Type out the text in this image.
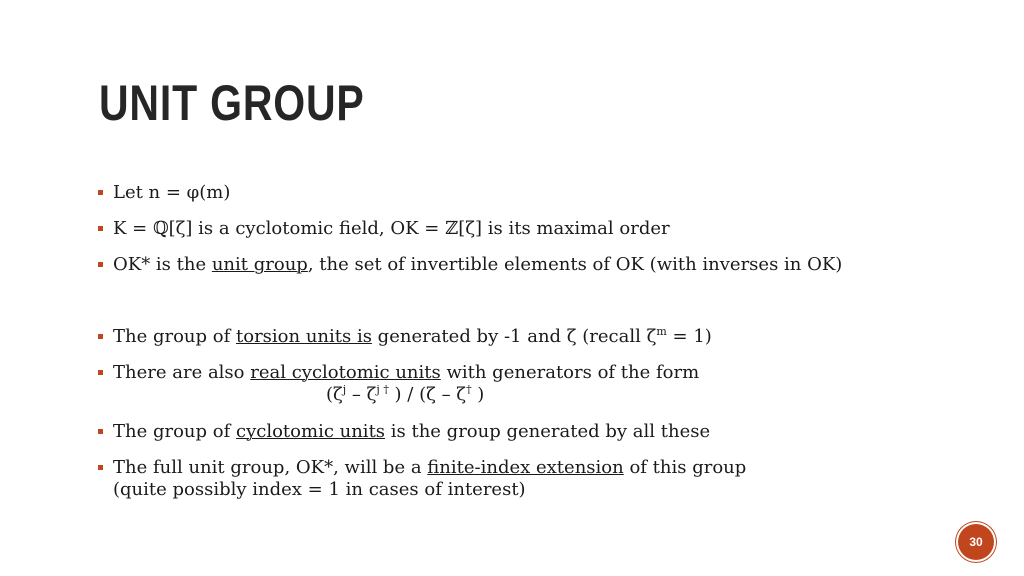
UNIT GROUP
Let n = φ(m)
K = ℚ[ζ] is a cyclotomic field, OK = ℤ[ζ] is its maximal order
OK* is the unit group, the set of invertible elements of OK (with inverses in OK)
The group of torsion units is generated by -1 and ζ (recall $\zeta^m = 1$)
There are also real cyclotomic units with generators of the form
($\zeta^j - \zeta^{j \dagger}$ ) / (ζ – ζ† )
The group of cyclotomic units is the group generated by all these
The full unit group, OK*, will be a finite-index extension of this group
(quite possibly index = 1 in cases of interest)
30
